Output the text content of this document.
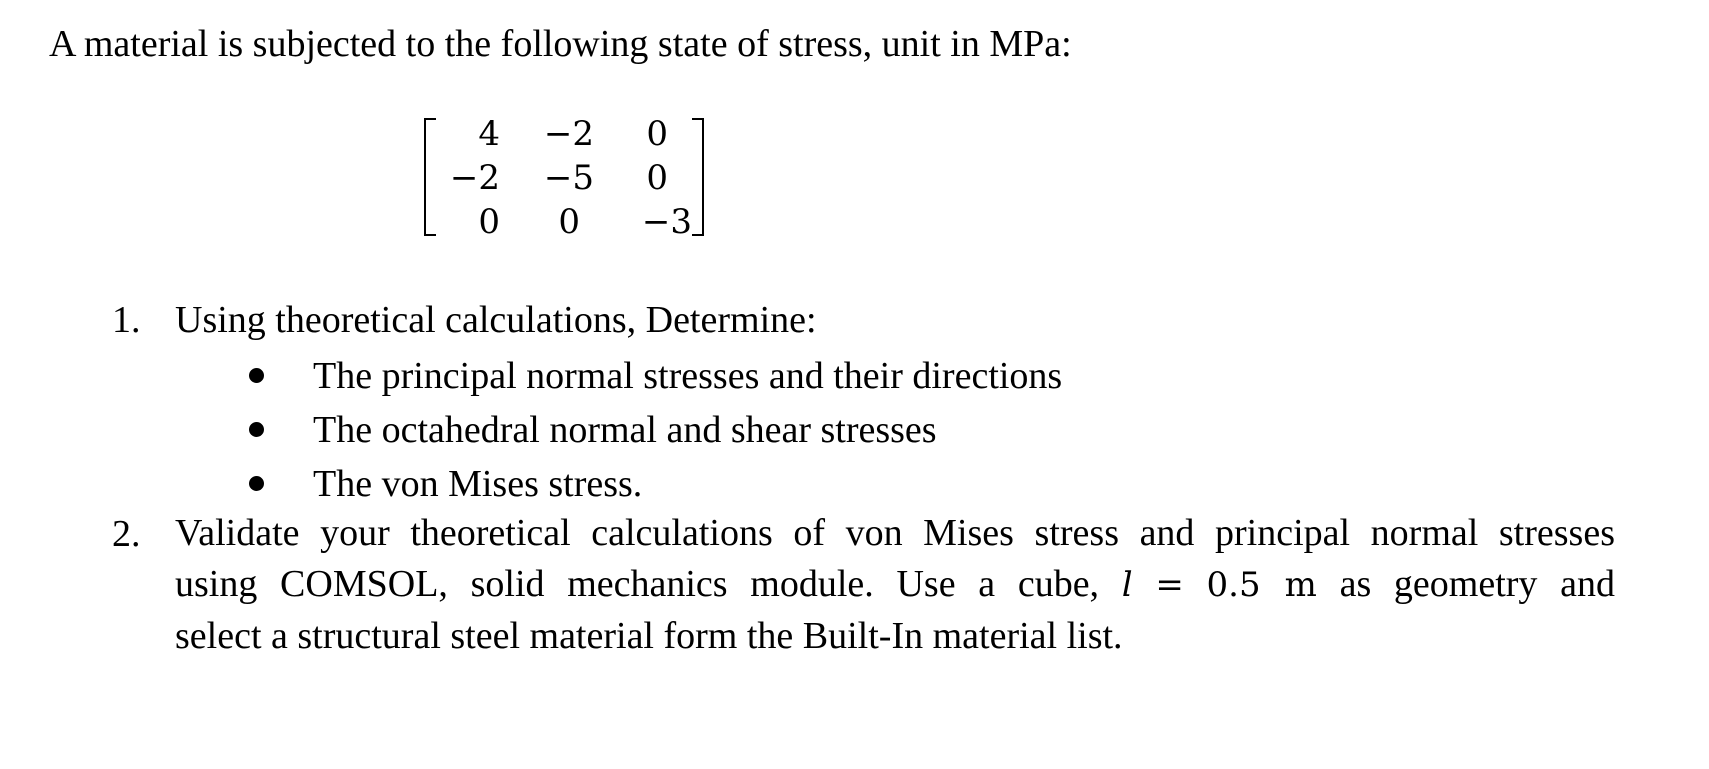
A material is subjected to the following state of stress, unit in MPa:
4	−2	0
−2	−5	0
0	0	−3
1. Using theoretical calculations, Determine:
The principal normal stresses and their directions
The octahedral normal and shear stresses
The von Mises stress.
2. Validate your theoretical calculations of von Mises stress and principal normal stresses
using COMSOL, solid mechanics module. Use a cube, l = 0.5 m as geometry and
select a structural steel material form the Built-In material list.
